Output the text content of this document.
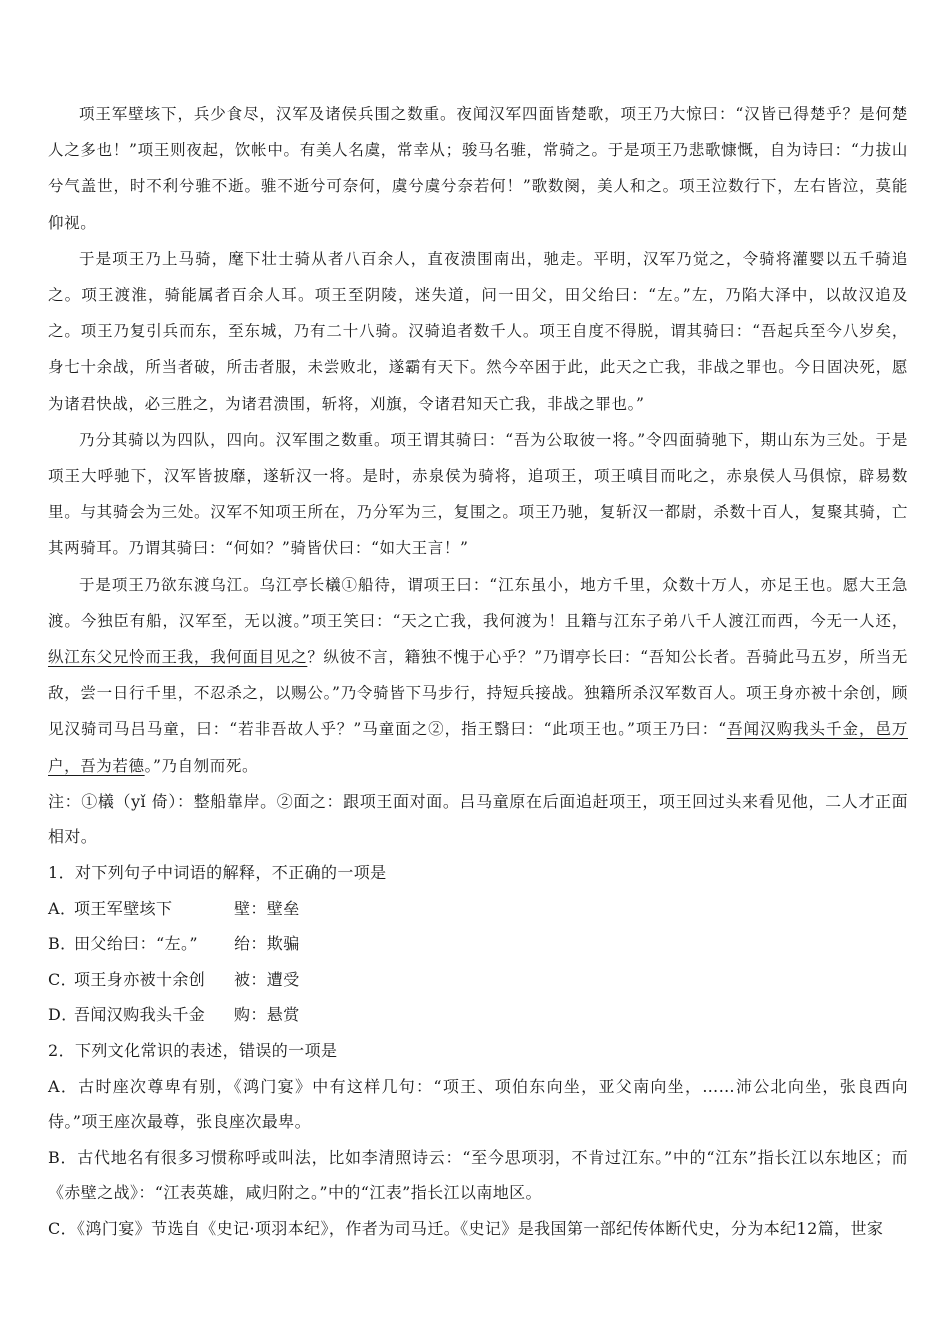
项王军壁垓下，兵少食尽，汉军及诸侯兵围之数重。夜闻汉军四面皆楚歌，项王乃大惊曰：“汉皆已得楚乎？是何楚人之多也！”项王则夜起，饮帐中。有美人名虞，常幸从；骏马名骓，常骑之。于是项王乃悲歌慷慨，自为诗曰：“力拔山兮气盖世，时不利兮骓不逝。骓不逝兮可奈何，虞兮虞兮奈若何！”歌数阕，美人和之。项王泣数行下，左右皆泣，莫能仰视。

于是项王乃上马骑，麾下壮士骑从者八百余人，直夜溃围南出，驰走。平明，汉军乃觉之，令骑将灌婴以五千骑追之。项王渡淮，骑能属者百余人耳。项王至阴陵，迷失道，问一田父，田父绐曰：“左。”左，乃陷大泽中，以故汉追及之。项王乃复引兵而东，至东城，乃有二十八骑。汉骑追者数千人。项王自度不得脱，谓其骑曰：“吾起兵至今八岁矣，身七十余战，所当者破，所击者服，未尝败北，遂霸有天下。然今卒困于此，此天之亡我，非战之罪也。今日固决死，愿为诸君快战，必三胜之，为诸君溃围，斩将，刈旗，令诸君知天亡我，非战之罪也。”

乃分其骑以为四队，四向。汉军围之数重。项王谓其骑曰：“吾为公取彼一将。”令四面骑驰下，期山东为三处。于是项王大呼驰下，汉军皆披靡，遂斩汉一将。是时，赤泉侯为骑将，追项王，项王嗔目而叱之，赤泉侯人马俱惊，辟易数里。与其骑会为三处。汉军不知项王所在，乃分军为三，复围之。项王乃驰，复斩汉一都尉，杀数十百人，复聚其骑，亡其两骑耳。乃谓其骑曰：“何如？”骑皆伏曰：“如大王言！”

于是项王乃欲东渡乌江。乌江亭长檥①船待，谓项王曰：“江东虽小，地方千里，众数十万人，亦足王也。愿大王急渡。今独臣有船，汉军至，无以渡。”项王笑曰：“天之亡我，我何渡为！且籍与江东子弟八千人渡江而西，今无一人还，纵江东父兄怜而王我，我何面目见之？纵彼不言，籍独不愧于心乎？”乃谓亭长曰：“吾知公长者。吾骑此马五岁，所当无敌，尝一日行千里，不忍杀之，以赐公。”乃令骑皆下马步行，持短兵接战。独籍所杀汉军数百人。项王身亦被十余创，顾见汉骑司马吕马童，曰：“若非吾故人乎？”马童面之②，指王翳曰：“此项王也。”项王乃曰：“吾闻汉购我头千金，邑万户，吾为若德。”乃自刎而死。

注：①檥（yǐ 倚）：整船靠岸。②面之：跟项王面对面。吕马童原在后面追赶项王，项王回过头来看见他，二人才正面相对。

1．对下列句子中词语的解释，不正确的一项是

A．项王军壁垓下	壁：壁垒

B．田父绐曰：“左。” 绐：欺骗

C．项王身亦被十余创 被：遭受

D．吾闻汉购我头千金 购：悬赏

2．下列文化常识的表述，错误的一项是

A．古时座次尊卑有别，《鸿门宴》中有这样几句：“项王、项伯东向坐，亚父南向坐，……沛公北向坐，张良西向侍。”项王座次最尊，张良座次最卑。

B．古代地名有很多习惯称呼或叫法，比如李清照诗云：“至今思项羽，不肯过江东。”中的“江东”指长江以东地区；而《赤壁之战》：“江表英雄，咸归附之。”中的“江表”指长江以南地区。

C．《鸿门宴》节选自《史记·项羽本纪》，作者为司马迁。《史记》是我国第一部纪传体断代史，分为本纪12篇，世家
